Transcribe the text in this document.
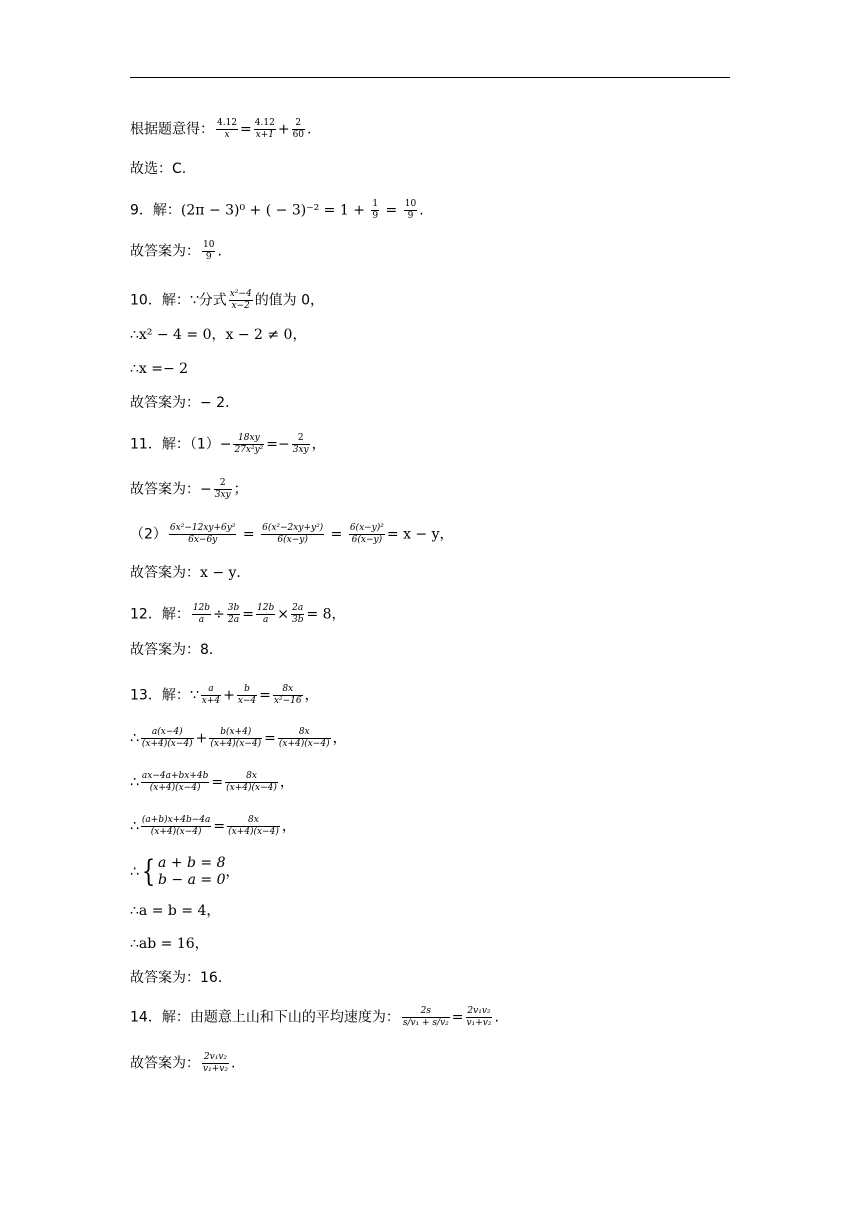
根据题意得： $\frac{4.12}{x} = \frac{4.12}{x+1} + \frac{2}{60}$ .
故选：C.
9．解：(2π − 3)⁰ + ( − $3)^{-2} = 1 + \frac{1}{9} = \frac{10}{9}$ .
故答案为： $\frac{10}{9}$ .
10．解：∵分式 $\frac{\text{x²−4}}{x-2}$ 的值为 0，
∴x² − 4 = 0，x − 2 ≠ 0，
∴x =− 2
故答案为：− 2．
11．解：$(1)- \frac{18xy}{\text{27x²y²}} =- \frac{2}{3xy}$ ，
故答案为：− $\frac{2}{3xy}$ ；
$(2) \frac{\text{6x²−12xy+6y²}}{6x-6y} = \frac{\text{6(x²−2xy+y²)}}{6(x-y)} = \frac{\text{6(x−y)²}}{6(x-y)} = x - y$，
故答案为：x − y．
12．解： $\frac{12b}{a} \div \frac{3b}{2a} = \frac{12b}{a} \times \frac{2a}{3b} = 8$，
故答案为：8．
13．解：∵ $\frac{a}{x+4} + \frac{b}{x-4} = \frac{8x}{\text{x²−16}}$ ，
∴ $\frac{a(x-4)}{(x+4)(x-4)} + \frac{b(x+4)}{(x+4)(x-4)} = \frac{8x}{(x+4)(x-4)}$ ，
∴ $\frac{ax-4a+bx+4b}{(x+4)(x-4)} = \frac{8x}{(x+4)(x-4)}$ ，
∴ $\frac{(a+b)x+4b-4a}{(x+4)(x-4)} = \frac{8x}{(x+4)(x-4)}$ ，
∴{ a + b = 8
b − a = 0 ，
∴a = b = 4，
∴ab = 16，
故答案为：16．
14．解：由题意上山和下山的平均速度为： $\frac{2s}{\text{s/v₁ + s/v₂}} = \frac{\text{2v₁v₂}}{\text{v₁+v₂}}$ .
故答案为： $\frac{\text{2v₁v₂}}{\text{v₁+v₂}}$ .
